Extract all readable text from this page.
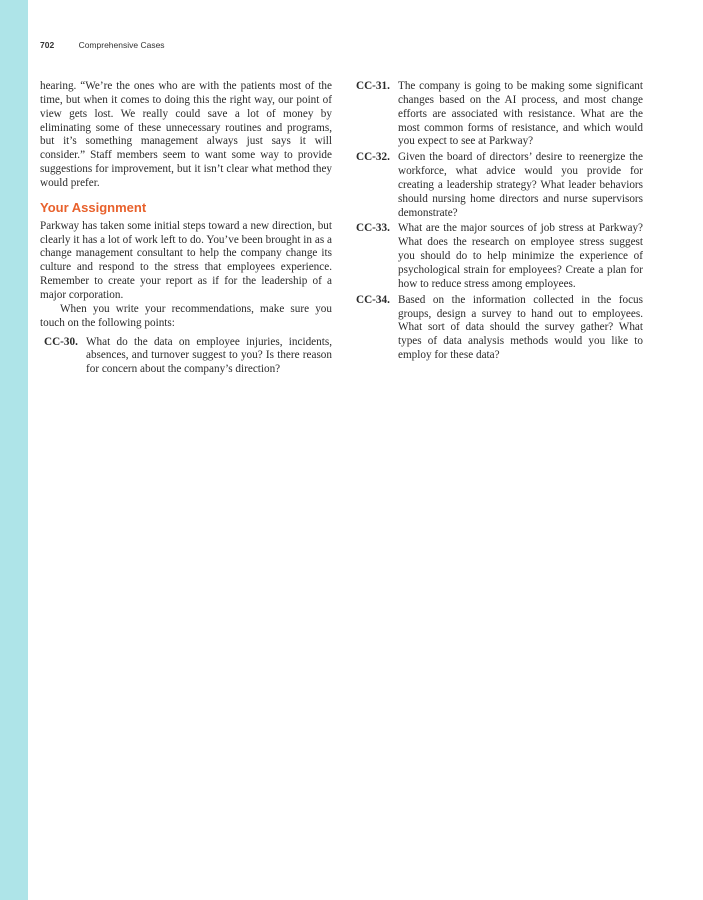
702	Comprehensive Cases

hearing. “We’re the ones who are with the patients most of the time, but when it comes to doing this the right way, our point of view gets lost. We really could save a lot of money by eliminating some of these unnecessary routines and programs, but it’s something management always just says it will consider.” Staff members seem to want some way to provide suggestions for improvement, but it isn’t clear what method they would prefer.

Your Assignment

Parkway has taken some initial steps toward a new direction, but clearly it has a lot of work left to do. You’ve been brought in as a change management consultant to help the company change its culture and respond to the stress that employees experience. Remember to create your report as if for the leadership of a major corporation.

When you write your recommendations, make sure you touch on the following points:

CC-30. What do the data on employee injuries, incidents, absences, and turnover suggest to you? Is there reason for concern about the company’s direction?
CC-31. The company is going to be making some significant changes based on the AI process, and most change efforts are associated with resistance. What are the most common forms of resistance, and which would you expect to see at Parkway?
CC-32. Given the board of directors’ desire to reenergize the workforce, what advice would you provide for creating a leadership strategy? What leader behaviors should nursing home directors and nurse supervisors demonstrate?
CC-33. What are the major sources of job stress at Parkway? What does the research on employee stress suggest you should do to help minimize the experience of psychological strain for employees? Create a plan for how to reduce stress among employees.
CC-34. Based on the information collected in the focus groups, design a survey to hand out to employees. What sort of data should the survey gather? What types of data analysis methods would you like to employ for these data?
